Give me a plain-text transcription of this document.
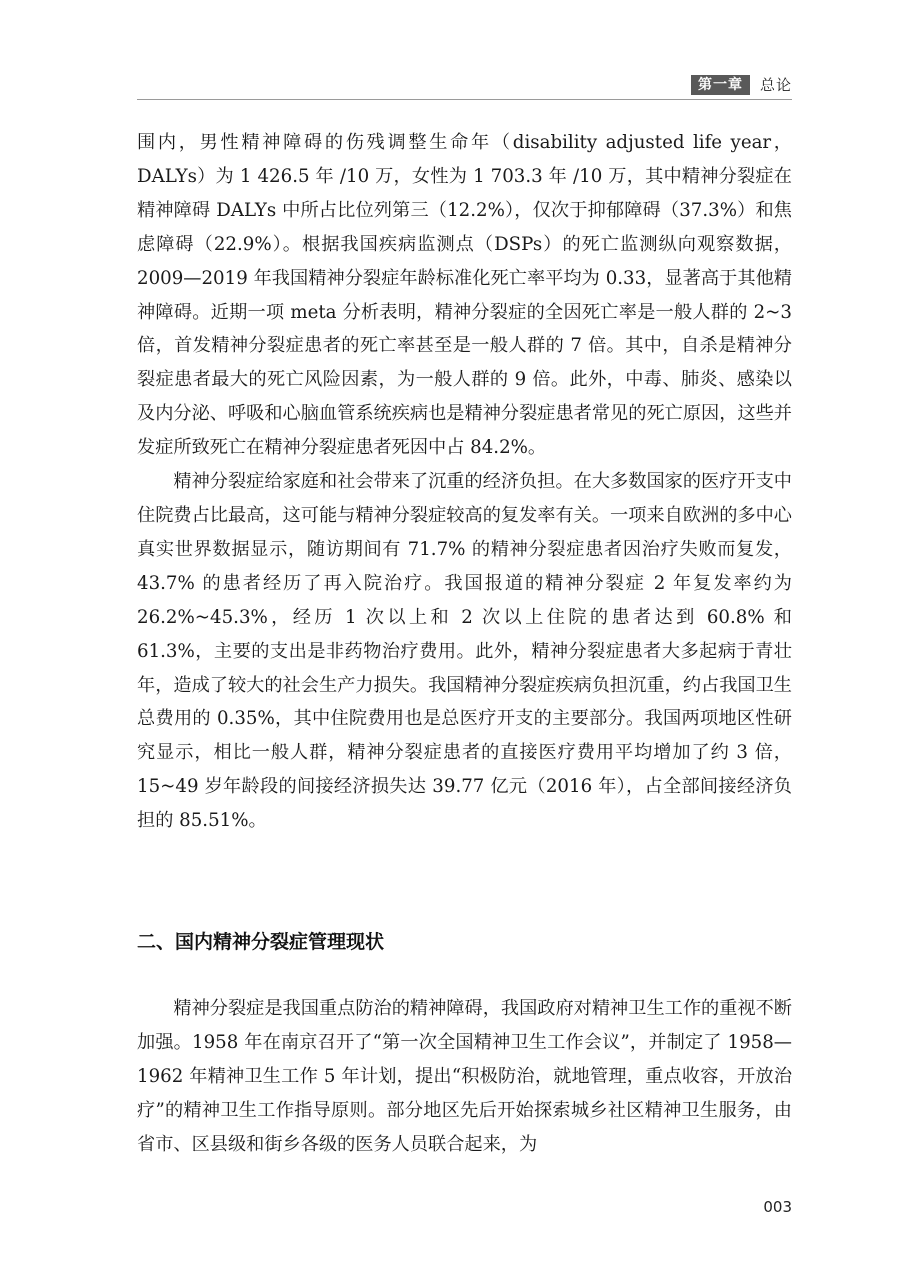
第一章	总论

围内，男性精神障碍的伤残调整生命年（disability adjusted life year，DALYs）为 1 426.5 年 /10 万，女性为 1 703.3 年 /10 万，其中精神分裂症在精神障碍 DALYs 中所占比位列第三（12.2%），仅次于抑郁障碍（37.3%）和焦虑障碍（22.9%）。根据我国疾病监测点（DSPs）的死亡监测纵向观察数据，2009—2019 年我国精神分裂症年龄标准化死亡率平均为 0.33，显著高于其他精神障碍。近期一项 meta 分析表明，精神分裂症的全因死亡率是一般人群的 2~3 倍，首发精神分裂症患者的死亡率甚至是一般人群的 7 倍。其中，自杀是精神分裂症患者最大的死亡风险因素，为一般人群的 9 倍。此外，中毒、肺炎、感染以及内分泌、呼吸和心脑血管系统疾病也是精神分裂症患者常见的死亡原因，这些并发症所致死亡在精神分裂症患者死因中占 84.2%。

精神分裂症给家庭和社会带来了沉重的经济负担。在大多数国家的医疗开支中住院费占比最高，这可能与精神分裂症较高的复发率有关。一项来自欧洲的多中心真实世界数据显示，随访期间有 71.7% 的精神分裂症患者因治疗失败而复发，43.7% 的患者经历了再入院治疗。我国报道的精神分裂症 2 年复发率约为 26.2%~45.3%，经历 1 次以上和 2 次以上住院的患者达到 60.8% 和 61.3%，主要的支出是非药物治疗费用。此外，精神分裂症患者大多起病于青壮年，造成了较大的社会生产力损失。我国精神分裂症疾病负担沉重，约占我国卫生总费用的 0.35%，其中住院费用也是总医疗开支的主要部分。我国两项地区性研究显示，相比一般人群，精神分裂症患者的直接医疗费用平均增加了约 3 倍，15~49 岁年龄段的间接经济损失达 39.77 亿元（2016 年），占全部间接经济负担的 85.51%。

二、国内精神分裂症管理现状

精神分裂症是我国重点防治的精神障碍，我国政府对精神卫生工作的重视不断加强。1958 年在南京召开了“第一次全国精神卫生工作会议”，并制定了 1958—1962 年精神卫生工作 5 年计划，提出“积极防治，就地管理，重点收容，开放治疗”的精神卫生工作指导原则。部分地区先后开始探索城乡社区精神卫生服务，由省市、区县级和街乡各级的医务人员联合起来，为

003
